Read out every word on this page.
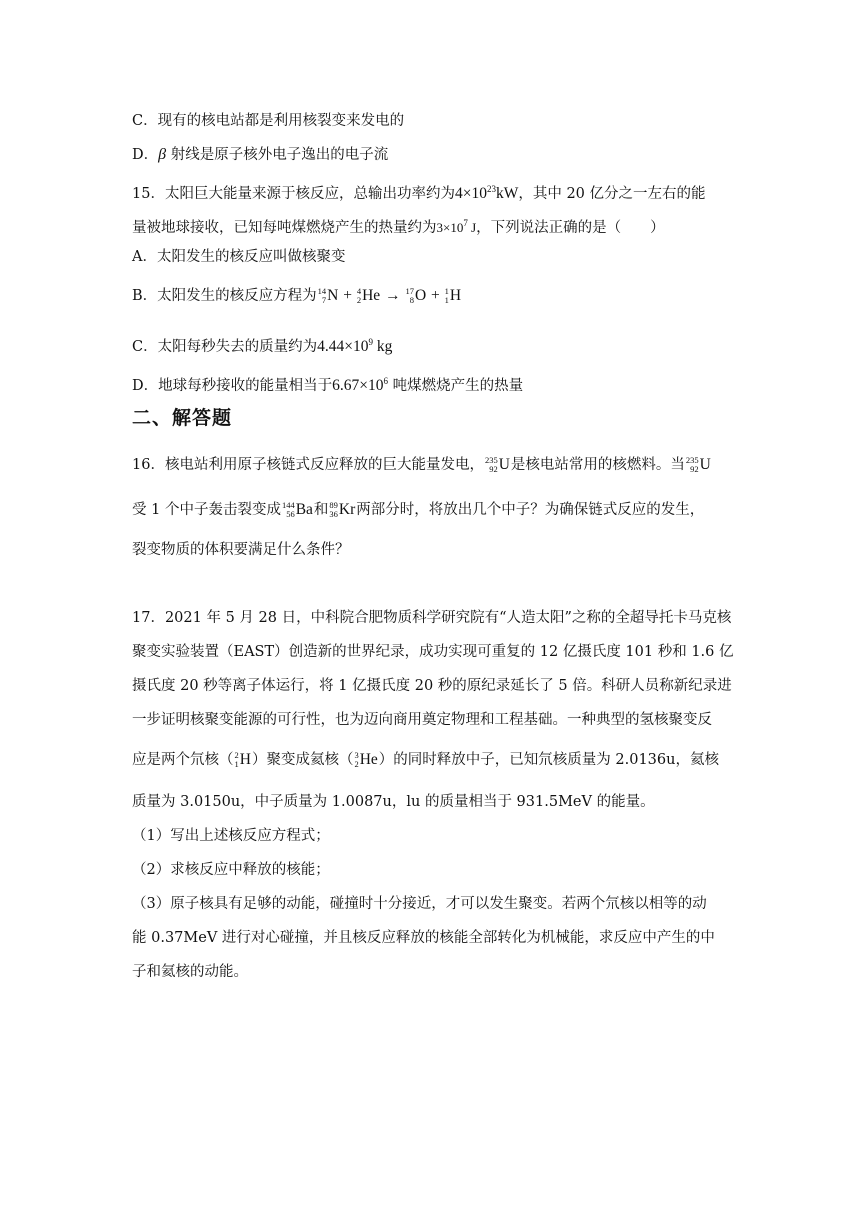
C．现有的核电站都是利用核裂变来发电的
D．β 射线是原子核外电子逸出的电子流
15．太阳巨大能量来源于核反应，总输出功率约为$4\times 10^{23}kW$，其中 20 亿分之一左右的能
量被地球接收，已知每吨煤燃烧产生的热量约为$3\times 10^7$ J，下列说法正确的是（　　）
A．太阳发生的核反应叫做核聚变
B．太阳发生的核反应方程为 14
7 N + 4
2 He → 17
8 O + 1
1 H
C．太阳每秒失去的质量约为$4.44\times 10^9$ kg
D．地球每秒接收的能量相当于$6.67\times 10^6$ 吨煤燃烧产生的热量
二、解答题
16．核电站利用原子核链式反应释放的巨大能量发电， 235
92 U 是核电站常用的核燃料。当 235
92 U
受 1 个中子轰击裂变成 144
56 Ba 和 89
36 Kr 两部分时，将放出几个中子？为确保链式反应的发生，
裂变物质的体积要满足什么条件？
17．2021 年 5 月 28 日，中科院合肥物质科学研究院有“人造太阳”之称的全超导托卡马克核
聚变实验装置（EAST）创造新的世界纪录，成功实现可重复的 12 亿摄氏度 101 秒和 1.6 亿
摄氏度 20 秒等离子体运行，将 1 亿摄氏度 20 秒的原纪录延长了 5 倍。科研人员称新纪录进
一步证明核聚变能源的可行性，也为迈向商用奠定物理和工程基础。一种典型的氢核聚变反
应是两个氘核（ 2
1 H ）聚变成氦核（ 3
2 He ）的同时释放中子，已知氘核质量为 2.0136u，氦核
质量为 3.0150u，中子质量为 1.0087u，lu 的质量相当于 931.5MeV 的能量。
（1）写出上述核反应方程式；
（2）求核反应中释放的核能；
（3）原子核具有足够的动能，碰撞时十分接近，才可以发生聚变。若两个氘核以相等的动
能 0.37MeV 进行对心碰撞，并且核反应释放的核能全部转化为机械能，求反应中产生的中
子和氦核的动能。
